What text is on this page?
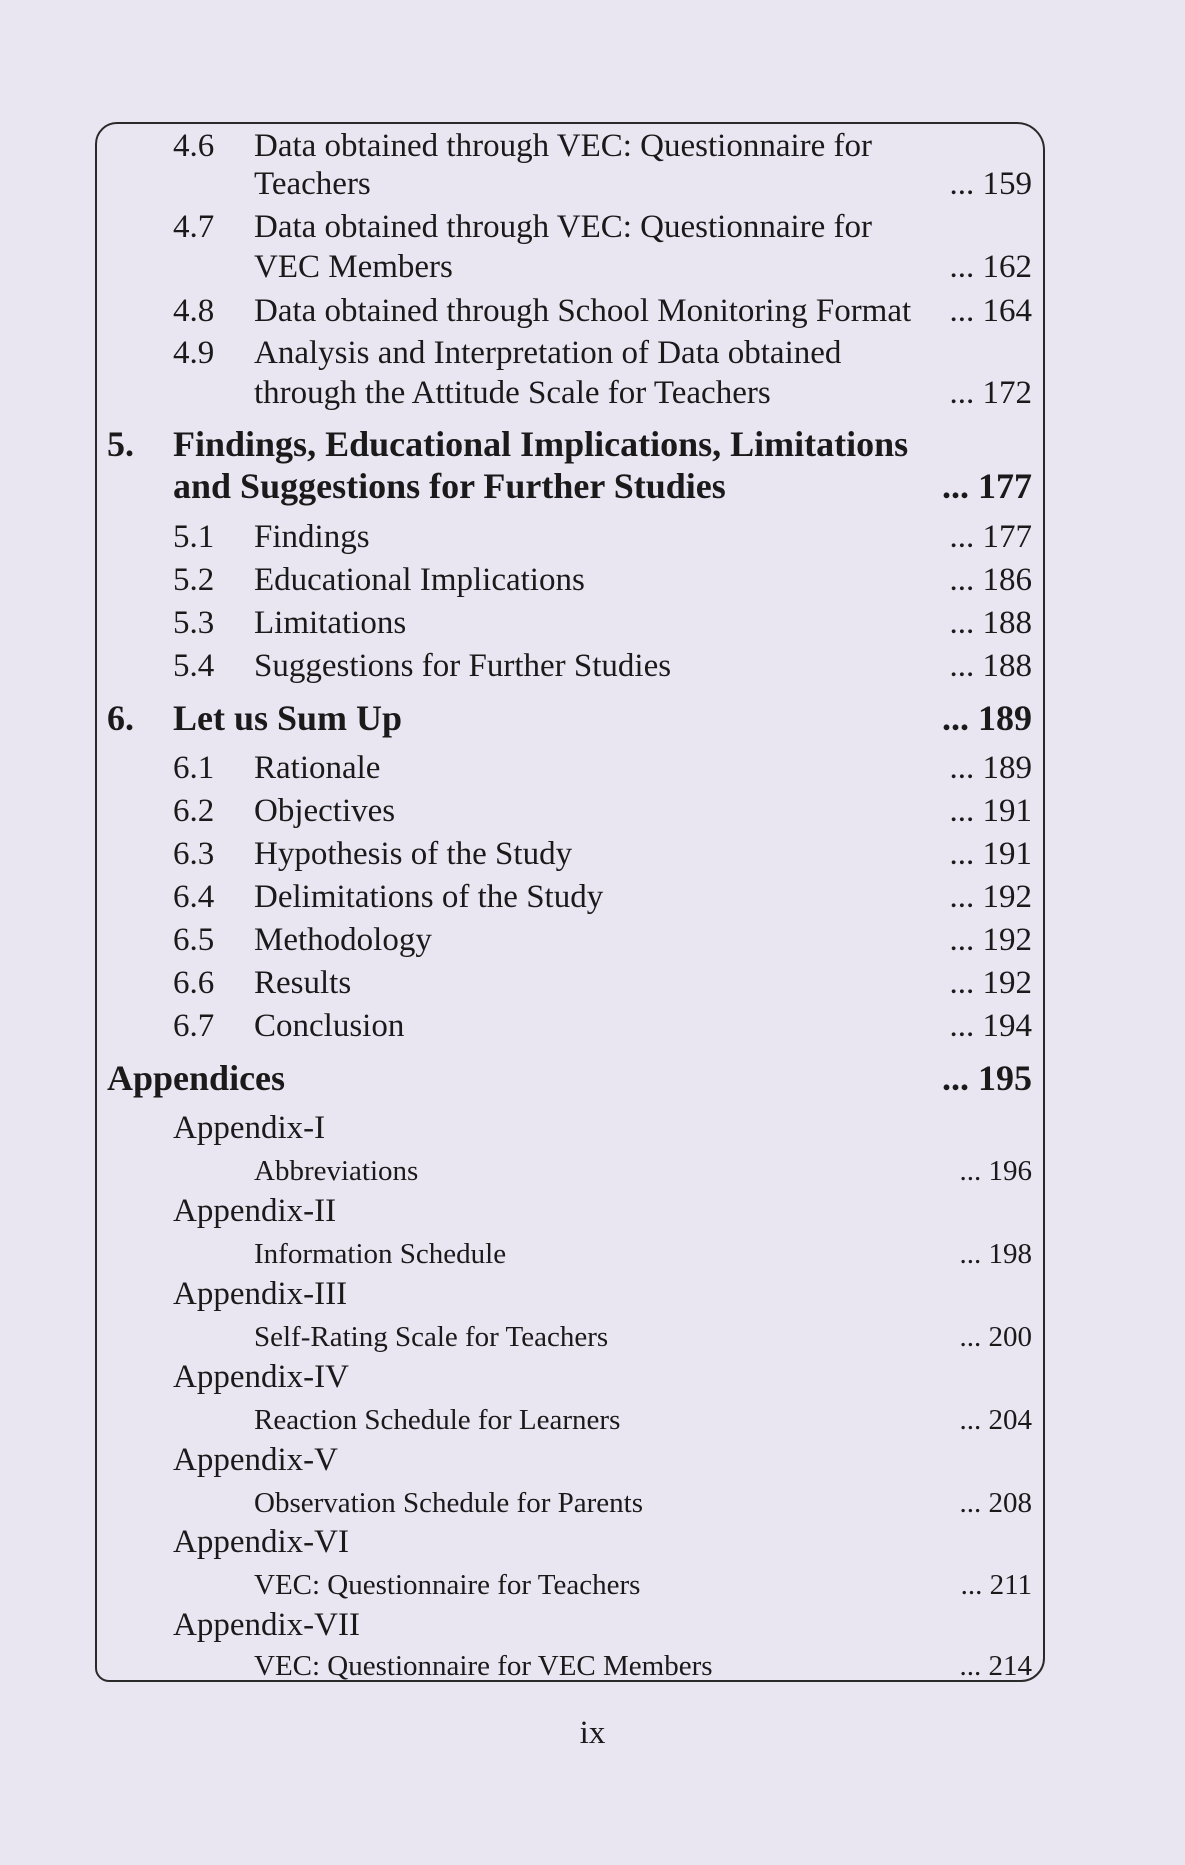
4.6 Data obtained through VEC: Questionnaire for
Teachers	... 159
4.7 Data obtained through VEC: Questionnaire for
VEC Members	... 162
4.8 Data obtained through School Monitoring Format ... 164
4.9 Analysis and Interpretation of Data obtained
through the Attitude Scale for Teachers	... 172
5. Findings, Educational Implications, Limitations
and Suggestions for Further Studies	... 177
5.1 Findings	... 177
5.2 Educational Implications	... 186
5.3 Limitations	... 188
5.4 Suggestions for Further Studies	... 188
6. Let us Sum Up	... 189
6.1 Rationale	... 189
6.2 Objectives	... 191
6.3 Hypothesis of the Study	... 191
6.4 Delimitations of the Study	... 192
6.5 Methodology	... 192
6.6 Results	... 192
6.7 Conclusion	... 194
Appendices	... 195
Appendix-I
Abbreviations	... 196
Appendix-II
Information Schedule	... 198
Appendix-III
Self-Rating Scale for Teachers	... 200
Appendix-IV
Reaction Schedule for Learners	... 204
Appendix-V
Observation Schedule for Parents	... 208
Appendix-VI
VEC: Questionnaire for Teachers	... 211
Appendix-VII
VEC: Questionnaire for VEC Members	... 214
ix
